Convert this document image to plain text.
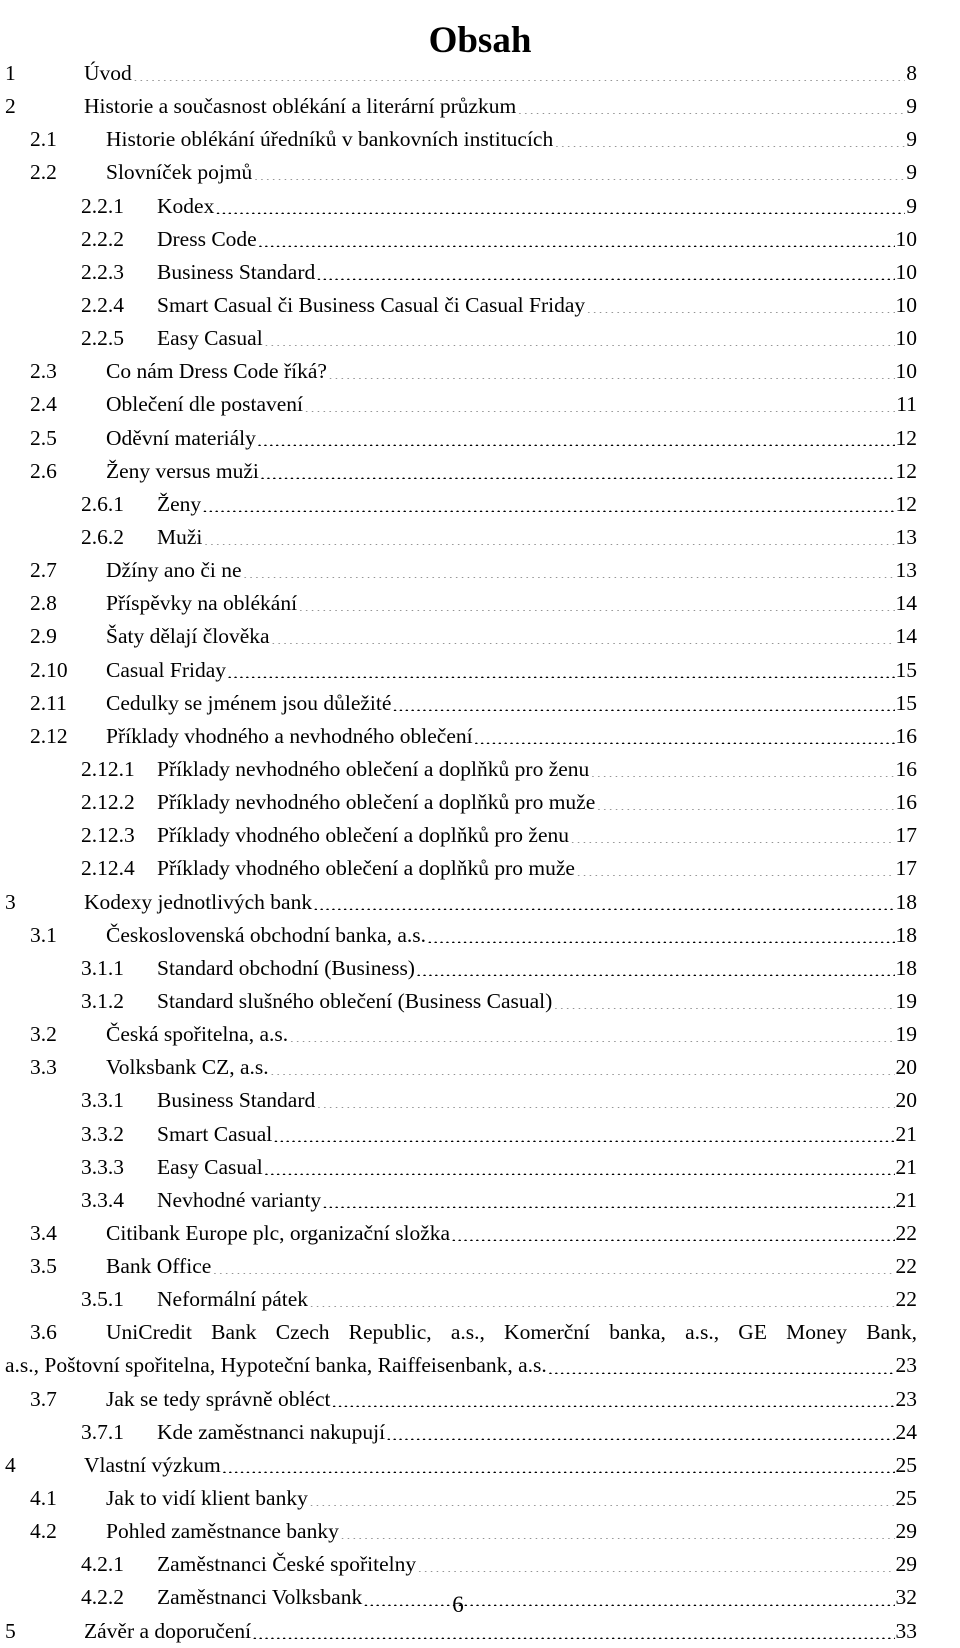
Obsah
1	Úvod .....	8
2	Historie a současnost oblékání a literární průzkum .....	9
2.1 Historie oblékání úředníků v bankovních institucích .....	9
2.2 Slovníček pojmů .....	9
2.2.1 Kodex .....	9
2.2.2 Dress Code .....	10
2.2.3 Business Standard .....	10
2.2.4 Smart Casual či Business Casual či Casual Friday .....	10
2.2.5 Easy Casual .....	10
2.3 Co nám Dress Code říká? .....	10
2.4 Oblečení dle postavení .....	11
2.5 Oděvní materiály .....	12
2.6 Ženy versus muži .....	12
2.6.1 Ženy .....	12
2.6.2 Muži .....	13
2.7 Džíny ano či ne .....	13
2.8 Příspěvky na oblékání .....	14
2.9 Šaty dělají člověka .....	14
2.10 Casual Friday .....	15
2.11 Cedulky se jménem jsou důležité .....	15
2.12 Příklady vhodného a nevhodného oblečení .....	16
2.12.1 Příklady nevhodného oblečení a doplňků pro ženu .....	16
2.12.2 Příklady nevhodného oblečení a doplňků pro muže .....	16
2.12.3 Příklady vhodného oblečení a doplňků pro ženu .....	17
2.12.4 Příklady vhodného oblečení a doplňků pro muže .....	17
3	Kodexy jednotlivých bank .....	18
3.1 Československá obchodní banka, a.s. .....	18
3.1.1 Standard obchodní (Business) .....	18
3.1.2 Standard slušného oblečení (Business Casual) .....	19
3.2 Česká spořitelna, a.s. .....	19
3.3 Volksbank CZ, a.s. .....	20
3.3.1 Business Standard .....	20
3.3.2 Smart Casual .....	21
3.3.3 Easy Casual .....	21
3.3.4 Nevhodné varianty .....	21
3.4 Citibank Europe plc, organizační složka .....	22
3.5 Bank Office .....	22
3.5.1 Neformální pátek .....	22
3.6 UniCredit Bank Czech Republic, a.s., Komerční banka, a.s., GE Money Bank,
a.s., Poštovní spořitelna, Hypoteční banka, Raiffeisenbank, a.s. .....	23
3.7 Jak se tedy správně obléct .....	23
3.7.1 Kde zaměstnanci nakupují .....	24
4	Vlastní výzkum .....	25
4.1 Jak to vidí klient banky .....	25
4.2 Pohled zaměstnance banky .....	29
4.2.1 Zaměstnanci České spořitelny .....	29
4.2.2 Zaměstnanci Volksbank .....	32
5	Závěr a doporučení .....	33
6
